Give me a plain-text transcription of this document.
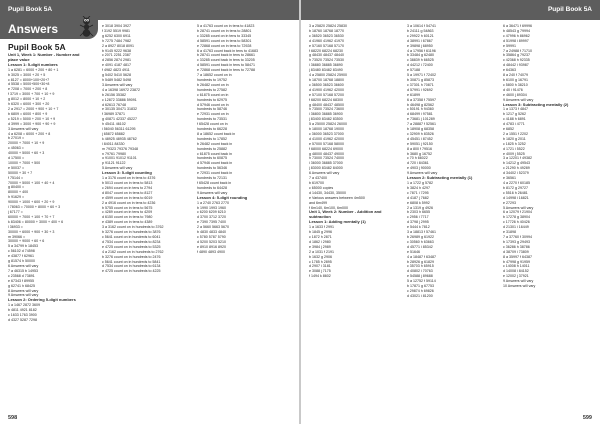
Pupil Book 5A
Answers
Pupil Book 5A
Unit 1, Week 1: Number - Number and
place value
Lesson 1: 5-digit numbers
1 a 6281 = 6000 + 200 + 80 + 1
b 3025 = 3000 + 20 + 5
c 8127 = 8000+100+20+7
d 5538 = 5000+500+30+8
e 7208 = 7000 + 200 + 8
f 3719 = 3000 + 700 + 10 + 9
g 8012 = 8000 + 10 + 2
h 6320 = 6000 + 300 + 20
2 a 2917 = 2000 + 900 + 10 + 7
b 6809 = 6000 + 800 + 9
c 5219 = 5000 + 200 + 10 + 9
d 3999 = 3000 + 900 + 90 + 9
3 Answers will vary
4 a 6208 = 6000 + 200 + 8
b 27019 =
20000 + 7000 + 10 + 9
c 45063 =
40000 + 5000 + 60 + 3
d 17500 =
10000 + 7000 + 500
e 50037 =
50000 + 30 + 7
f 75144 =
70000 + 5000 + 100 + 40 + 4
g 80400 =
80000 + 400
h 91629 =
90000 + 1000 + 600 + 20 + 9
i 78063 = 70000 + 8000 + 60 + 3
j 67177 =
60000 + 7000 + 100 + 70 + 7
k 83406 = 80000 + 3000 + 400 + 6
l 36933 =
30000 + 6000 + 900 + 30 + 3
m 39066 =
30000 + 9000 + 60 + 6
5 a 34799 b 18453
c 56102 d 74598
e 43877 f 62961
g 81574 h 50000
6 Answers will vary
7 a 46315 b 14953
c 23568 d 73891
e 67343 f 89955
g 62741 h 68425
8 Answers will vary
9 Answers will vary
Lesson 2: Ordering 5-digit numbers
1 a 1467 2872 3609
b 4811 4921 8182
c 1633 1763 3900
d 4327 5287 7298
e 3018 3904 3927
f 3192 5519 9981
g 6252 6300 6911
h 7275 7484 7982
2 a 8927 8018 8091
b 9145 9222 9638
c 2071 2251 2387
d 2856 2874 2981
e 4091 4187 4817
f 4982 4823 4911
g 5402 5410 5628
h 5489 5482 5498
3 Answers will vary
4 a 16398 16972 23872
b 26156 35382
c 12872 33886 59091
d 62613 76748
e 30135 30471 31832
f 36989 37871
g 40871 42337 45227
h 45411 46102
i 56040 56311 61295
j 65872 65882
k 48925 48935 48762
l 84011 84330
m 79323 79376 79348
n 79761 79980
o 91001 91012 91101
p 91121 91122
5 Answers will vary
Lesson 3: 5-digit counting
1 a 3176 count on in tens to 4376
b 5013 count on in tens to 5813
c 2694 count on in tens to 2794
d 8047 count on in tens to 8127
e 4599 count on in tens to 6019
2 a 4916 count on in tens to 4236
b 5755 count on in tens to 5675
c 4289 count on in tens to 4209
d 6150 count on in tens to 7980
e 4389 count on in tens to 4389
3 a 3162 count on in hundreds to 3762
b 3276 count on in hundreds to 3876
c 5641 count on in hundreds to 6041
d 7534 count on in hundreds to 8234
e 4725 count on in hundreds to 5325
4 a 2162 count on in hundreds to 2762
b 3276 count on in hundreds to 2476
c 5641 count on in hundreds to 5841
d 7534 count on in hundreds to 6134
e 4725 count on in hundreds to 4225
5 a 41763 count on in tens to 41823
b 28741 count on in tens to 28801
c 33285 count on in tens to 33345
d 58591 count on in tens to 58301
e 72868 count on in tens to 72928
6 a 41763 count back in tens to 41683
b 28741 count back in tens to 28661
c 33285 count back in tens to 33205
d 58591 count back in tens to 58471
e 72868 count back in tens to 72788
7 a 18652 count on in
hundreds to 19752
b 26482 count on in
hundreds to 27582
c 61875 count on in
hundreds to 62975
d 57946 count on in
hundreds to 58746
e 72931 count on in
hundreds to 73531
f 65428 count on in
hundreds to 66228
8 a 18652 count back in
hundreds to 17852
b 26482 count back in
hundreds to 25882
c 61875 count back in
hundreds to 60875
d 57946 count back in
hundreds to 56346
e 72931 count back in
hundreds to 72131
f 65428 count back in
hundreds to 64428
9 Answers will vary
Lesson 4: 5-digit rounding
1 a 2740 2763 2770
b 1990 1993 1960
c 6200 6209 6210
d 3700 3712 3720
e 7390 7395 7400
2 a 5660 5663 5670
b 4830 4833 4840
c 5780 5787 5790
d 5200 5203 5210
e 8910 8916 8920
f 4890 4893 4900
598
Pupil Book 5A
3 a 25820 25824 25830
b 18760 18768 18770
c 36520 36523 36530
d 41960 41962 41970
e 57160 57168 57170
f 68220 68224 68230
g 48430 48437 48440
h 73520 73524 73530
i 36880 36885 36890
j 83480 83482 83490
4 a 25800 25824 25900
b 18700 18768 18800
c 36500 36523 36600
d 41900 41962 42000
e 57100 57168 57200
f 68200 68224 68300
g 48400 48437 48500
h 73500 73524 73600
i 36800 36885 36900
j 83400 83482 83500
5 a 25000 25824 26000
b 18000 18768 19000
c 36000 36523 37000
d 41000 41962 42000
e 57000 57168 58000
f 68000 68224 69000
g 48000 48437 49000
h 73000 73524 74000
i 36000 36885 37000
j 83000 83482 84000
6 Answers will vary
7 a 437400
b 619700
c 65000 copies
d 14430, 34430, 35000
e Various answers between 4m500
and 6m499
f 6m140, 6m100, 6m000
Unit 1, Week 2: Number - Addition and
subtraction
Lesson 1: Adding mentally (1)
1 a 1633 f 2991
b 1845 g 2996
c 1872 h 2871
d 1862 i 2980
e 3984 j 2989
2 a 1031 f 2191
b 1632 g 2906
c 1785 h 2895
d 2907 i 3181
e 3088 j 7175
f 1494 k 8602
3 a 10614 f 54741
b 24111 g 54863
c 29922 h 60121
d 38991 i 67867
e 39898 j 68950
4 a 17956 f 61196
b 33484 g 62480
c 38839 h 66525
d 44212 i 72400
e 57188
5 a 19971 f 72402
b 30871 g 85873
c 37301 h 70871
d 57991 i 92692
e 61899
6 a 37358 f 75597
b 46498 g 82562
c 50191 h 94360
d 68499 i 97581
e 73681 j 101289
7 a 28887 f 52561
b 18908 g 68358
c 32909 h 83526
d 45451 i 87452
e 59051 j 92150
8 a 800 f 79516
b 3680 g 16752
c 70 h 66022
d 720 i 84361
e 4903 j 90000
9 Answers will vary
Lesson 2: Subtracting mentally (1)
1 a 1722 g 5782
b 3824 h 4297
c 7871 i 7295
d 4187 j 7682
e 6808 k 5992
2 a 1319 g 4926
b 2303 h 6655
c 2956 i 7717
d 3798 j 2995
e 5444 k 7812
3 a 18813 f 57461
b 26989 g 61922
c 30560 h 63663
d 45771 i 85342
e 51646
4 a 18487 f 63487
b 28926 g 61829
c 35703 h 65915
d 40802 i 70763
e 54588 j 89688
5 a 12752 f 59114
b 17871 g 67753
c 29874 h 69826
d 43021 i 81200
6 a 36471 f 69996
b 48543 g 79994
c 47996 h 86962
d 51998 i 89997
e 59991
7 a 24988 f 71710
b 35864 g 79237
c 42368 h 92335
d 48442 i 93987
e 64363
8 a 240 f 74079
b 6100 g 16791
c 5800 h 38210
d 40 i 91476
e 4600 j 89304
9 Answers will vary
Lesson 3: Subtracting mentally (2)
1 a 1373 f 4847
b 1217 g 5262
c 4188 h 6891
d 4783 i 4771
e 6852
2 a 1551 f 2202
b 1820 g 2011
c 1825 h 3252
d 1721 i 5522
e 4009 j 5525
3 a 12201 f 49382
b 14212 g 49543
c 21290 h 49289
d 34402 i 52379
e 36561
4 a 2270 f 60185
b 8172 g 29727
c 5516 h 26481
d 14998 i 16821
e 27293
5 Answers will vary
6 a 12079 f 21904
b 17278 g 38904
c 17726 h 40426
d 21301 i 16449
e 31898
7 a 37760 f 30994
b 17393 g 29493
c 36286 h 38786
d 38709 i 73809
8 a 35997 f 64387
b 47998 g 91959
c 14008 h 14011
d 14008 i 84152
e 12002 j 37921
9 Answers will vary
10 Answers will vary
599
